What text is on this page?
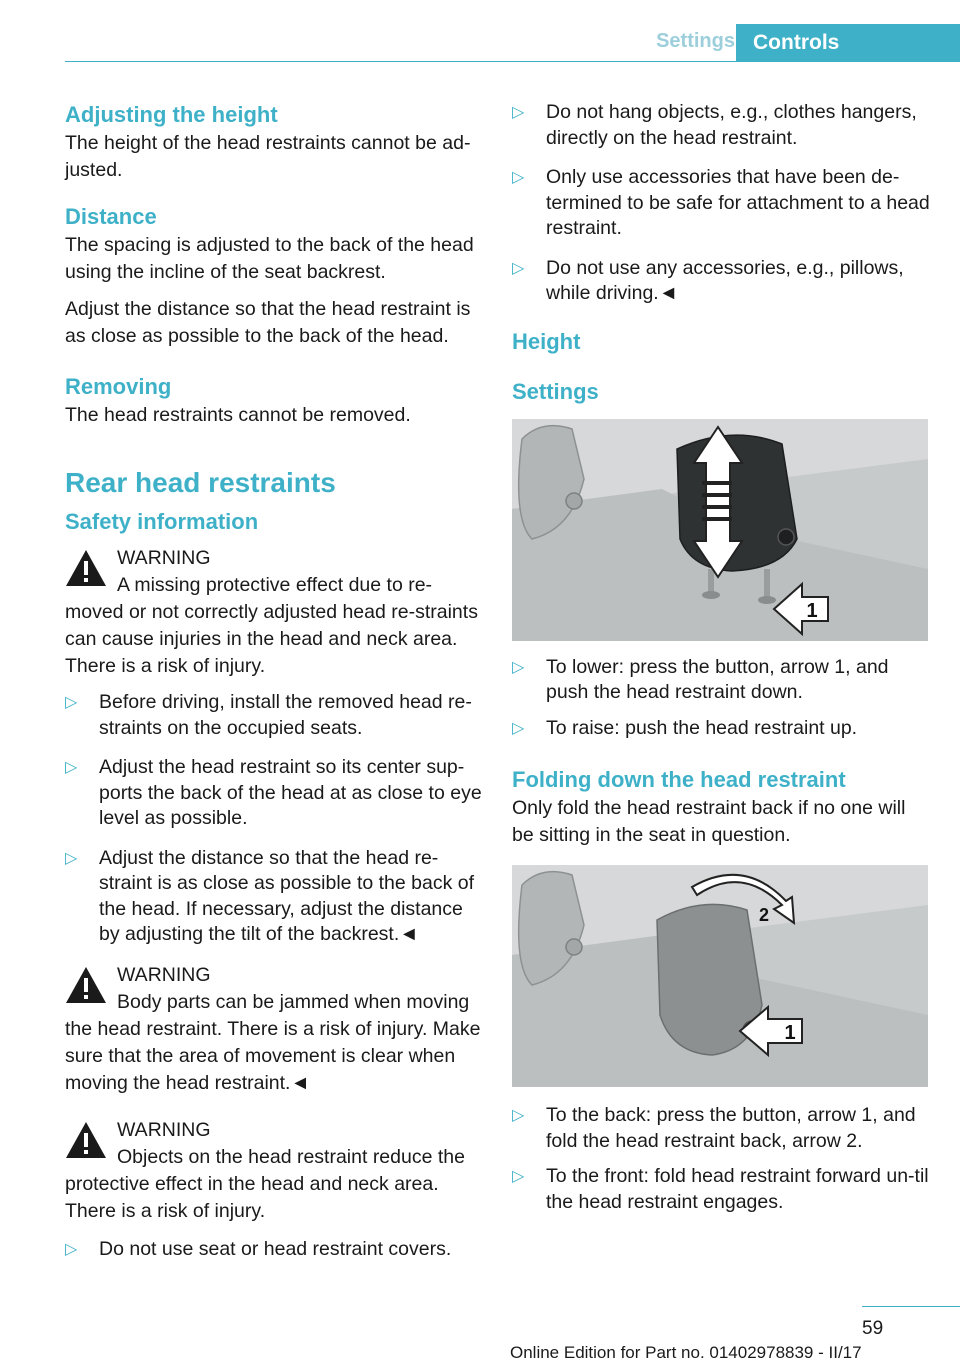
Settings Controls
Adjusting the height

The height of the head restraints cannot be ad‐justed.

Distance

The spacing is adjusted to the back of the head using the incline of the seat backrest.

Adjust the distance so that the head restraint is as close as possible to the back of the head.

Removing

The head restraints cannot be removed.

Rear head restraints
Safety information
WARNING
A missing protective effect due to re‐moved or not correctly adjusted head re‐straints can cause injuries in the head and neck area. There is a risk of injury.
▷	Before driving, install the removed head re‐straints on the occupied seats.
▷	Adjust the head restraint so its center sup‐ports the back of the head at as close to eye level as possible.
▷	Adjust the distance so that the head re‐straint is as close as possible to the back of the head. If necessary, adjust the distance by adjusting the tilt of the backrest.◄
WARNING
Body parts can be jammed when moving the head restraint. There is a risk of injury. Make sure that the area of movement is clear when moving the head restraint.◄
WARNING
Objects on the head restraint reduce the protective effect in the head and neck area. There is a risk of injury.
▷	Do not use seat or head restraint covers.
▷	Do not hang objects, e.g., clothes hangers, directly on the head restraint.
▷	Only use accessories that have been de‐termined to be safe for attachment to a head restraint.
▷	Do not use any accessories, e.g., pillows, while driving.◄
Height
Settings
1
▷	To lower: press the button, arrow 1, and push the head restraint down.
▷	To raise: push the head restraint up.
Folding down the head restraint

Only fold the head restraint back if no one will be sitting in the seat in question.

2
1
▷	To the back: press the button, arrow 1, and fold the head restraint back, arrow 2.
▷	To the front: fold head restraint forward un‐til the head restraint engages.
59
Online Edition for Part no. 01402978839 - II/17
